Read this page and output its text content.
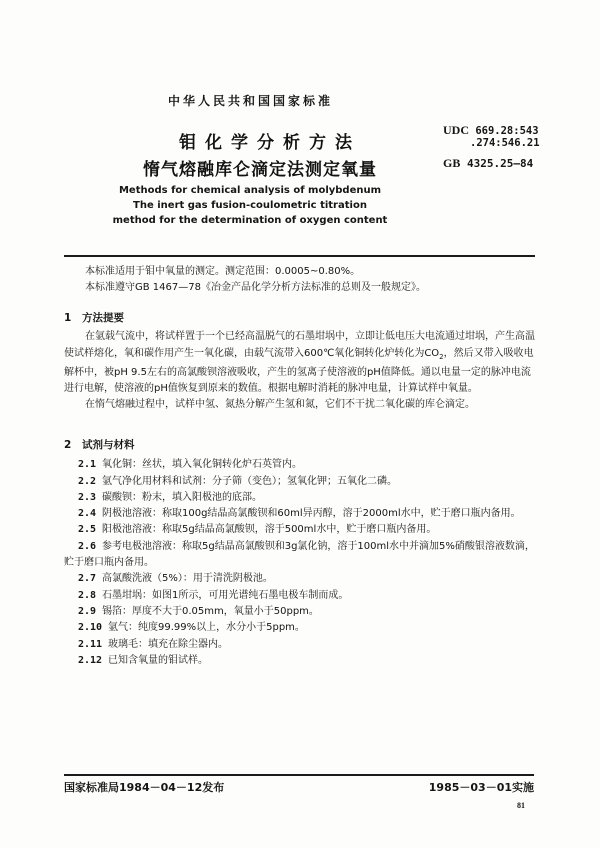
中华人民共和国国家标准
钼化学分析方法
惰气熔融库仑滴定法测定氧量
UDC 669.28:543
.274:546.21
GB 4325.25—84
Methods for chemical analysis of molybdenum
The inert gas fusion-coulometric titration
method for the determination of oxygen content

本标准适用于钼中氧量的测定。测定范围：0.0005~0.80%。

本标准遵守GB 1467—78《冶金产品化学分析方法标准的总则及一般规定》。

1 方法提要

在氩载气流中，将试样置于一个已经高温脱气的石墨坩埚中，立即让低电压大电流通过坩埚，产生高温使试样熔化，氧和碳作用产生一氧化碳，由载气流带入600℃氧化铜转化炉转化为$CO_2$，然后又带入吸收电解杯中，被pH 9.5左右的高氯酸钡溶液吸收，产生的氢离子使溶液的pH值降低。通以电量一定的脉冲电流进行电解，使溶液的pH值恢复到原来的数值。根据电解时消耗的脉冲电量，计算试样中氧量。

在惰气熔融过程中，试样中氢、氮热分解产生氢和氮，它们不干扰二氧化碳的库仑滴定。

2 试剂与材料

2.1 氧化铜：丝状，填入氧化铜转化炉石英管内。

2.2 氩气净化用材料和试剂：分子筛（变色）；氢氧化钾；五氧化二磷。

2.3 碳酸钡：粉末，填入阳极池的底部。

2.4 阴极池溶液：称取100g结晶高氯酸钡和60ml异丙醇，溶于2000ml水中，贮于磨口瓶内备用。

2.5 阳极池溶液：称取5g结晶高氯酸钡，溶于500ml水中，贮于磨口瓶内备用。

2.6 参考电极池溶液：称取5g结晶高氯酸钡和3g氯化钠，溶于100ml水中并滴加5%硝酸银溶液数滴，贮于磨口瓶内备用。

2.7 高氯酸洗液（5%）：用于清洗阴极池。

2.8 石墨坩埚：如图1所示，可用光谱纯石墨电极车制而成。

2.9 锡箔：厚度不大于0.05mm，氧量小于50ppm。

2.10 氩气：纯度99.99%以上，水分小于5ppm。

2.11 玻璃毛：填充在除尘器内。

2.12 已知含氧量的钼试样。

国家标准局1984－04－12发布	1985－03－01实施
81
